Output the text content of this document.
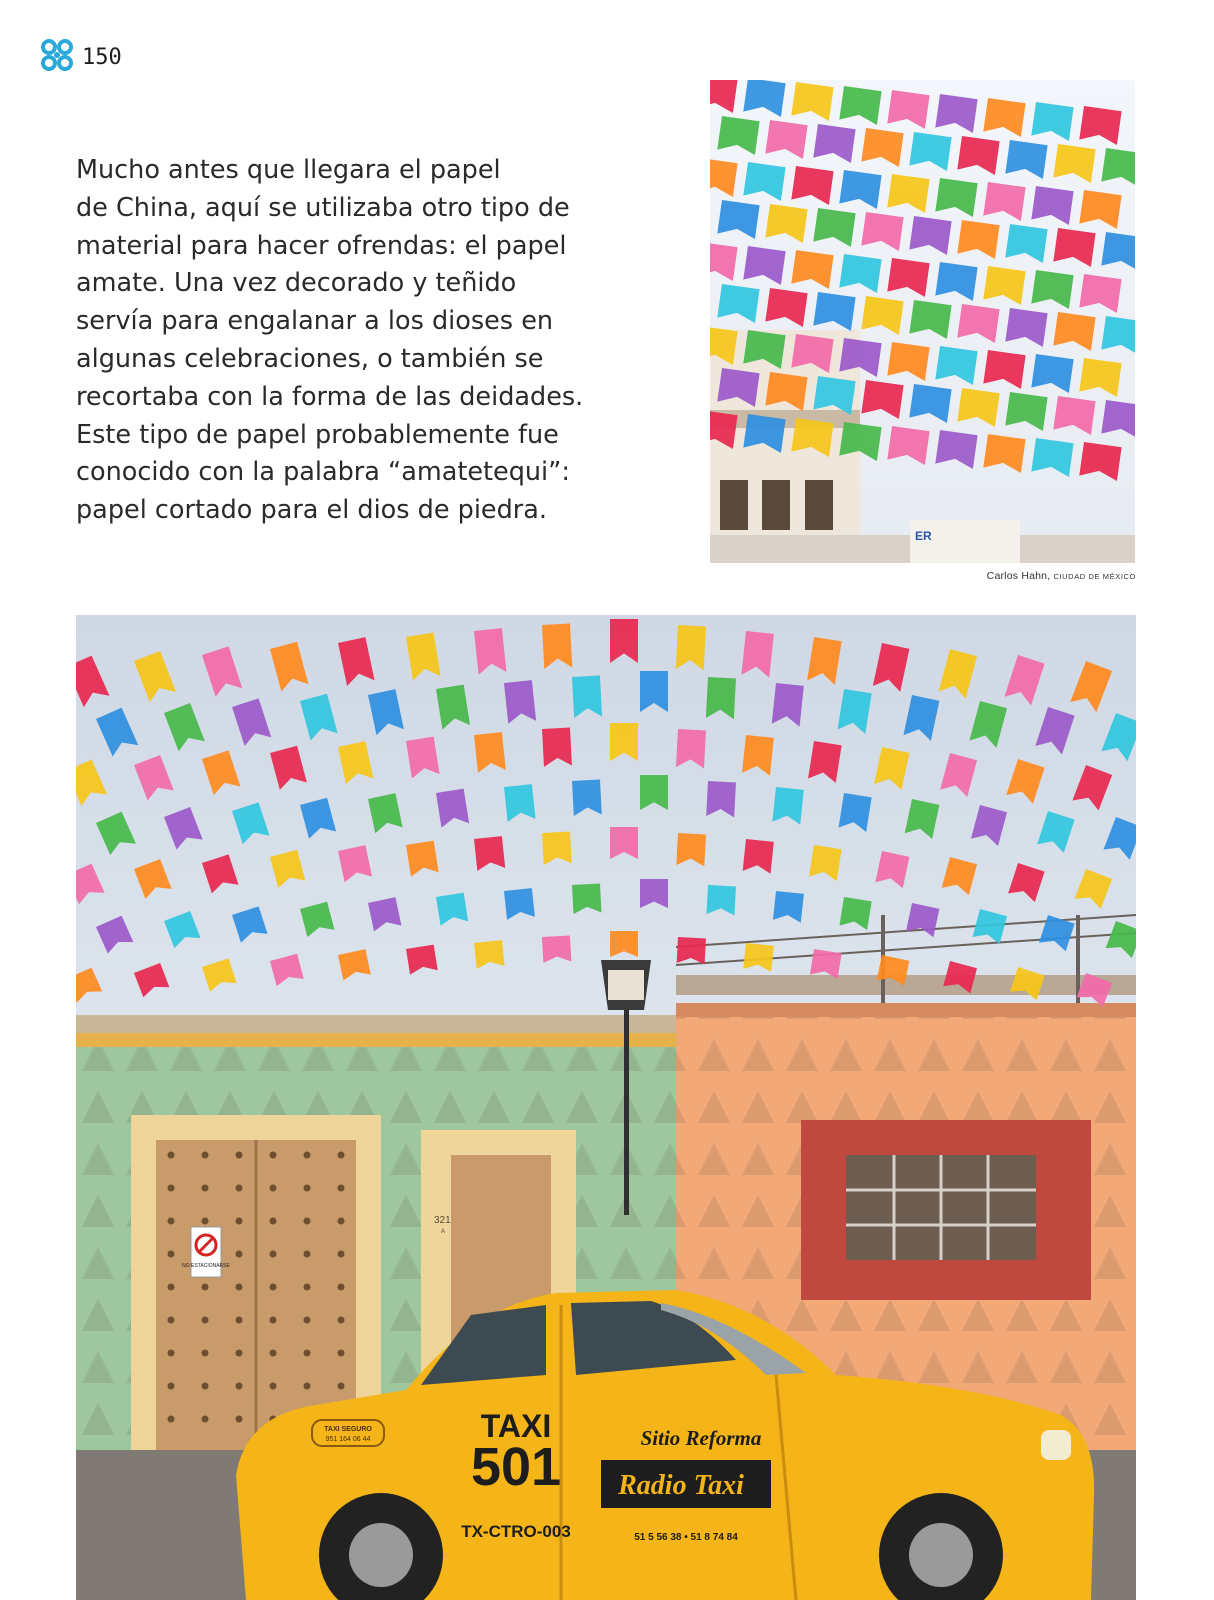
150

Mucho antes que llegara el papel
de China, aquí se utilizaba otro tipo de
material para hacer ofrendas: el papel
amate. Una vez decorado y teñido
servía para engalanar a los dioses en
algunas celebraciones, o también se
recortaba con la forma de las deidades.
Este tipo de papel probablemente fue
conocido con la palabra “amatetequi”:
papel cortado para el dios de piedra.

ER
Carlos Hahn, CIUDAD DE MÉXICO
NO ESTACIONARSE
321
A
TAXI SEGURO
951 164 06 44	TAXI
501
TX-CTRO-003
Sitio Reforma
Radio Taxi
51 5 56 38 • 51 8 74 84
